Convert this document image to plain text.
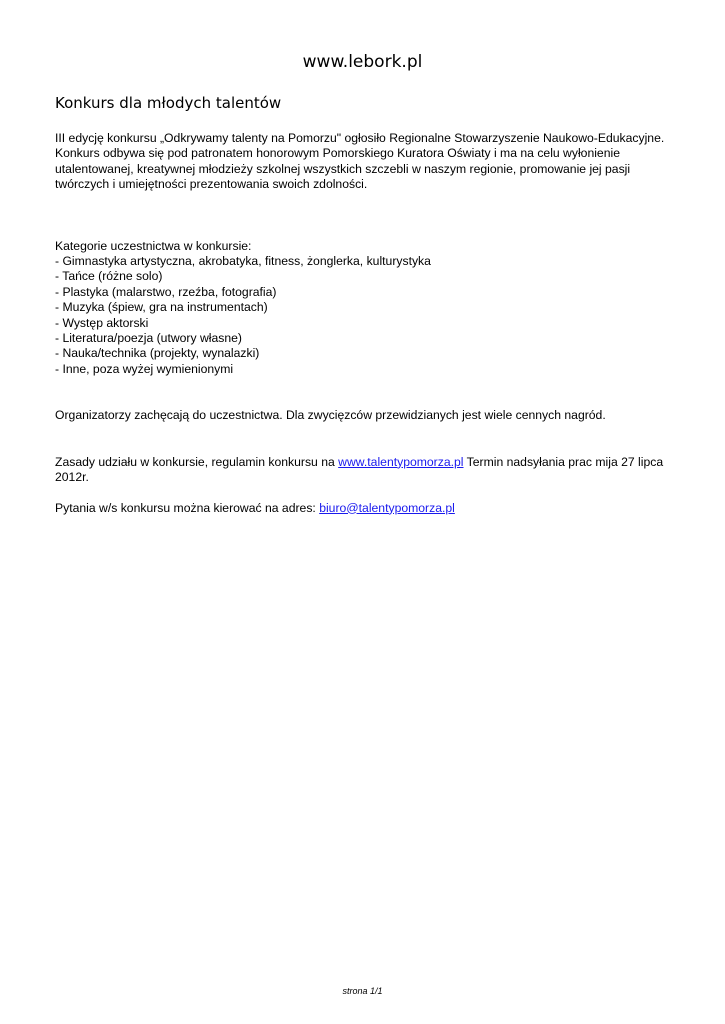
www.lebork.pl
Konkurs dla młodych talentów

III edycję konkursu „Odkrywamy talenty na Pomorzu" ogłosiło Regionalne Stowarzyszenie Naukowo-Edukacyjne. Konkurs odbywa się pod patronatem honorowym Pomorskiego Kuratora Oświaty i ma na celu wyłonienie utalentowanej, kreatywnej młodzieży szkolnej wszystkich szczebli w naszym regionie, promowanie jej pasji twórczych i umiejętności prezentowania swoich zdolności.

Kategorie uczestnictwa w konkursie:
- Gimnastyka artystyczna, akrobatyka, fitness, żonglerka, kulturystyka
- Tańce (różne solo)
- Plastyka (malarstwo, rzeźba, fotografia)
- Muzyka (śpiew, gra na instrumentach)
- Występ aktorski
- Literatura/poezja (utwory własne)
- Nauka/technika (projekty, wynalazki)
- Inne, poza wyżej wymienionymi

Organizatorzy zachęcają do uczestnictwa. Dla zwycięzców przewidzianych jest wiele cennych nagród.

Zasady udziału w konkursie, regulamin konkursu na www.talentypomorza.pl Termin nadsyłania prac mija 27 lipca 2012r.

Pytania w/s konkursu można kierować na adres: biuro@talentypomorza.pl

strona 1/1
